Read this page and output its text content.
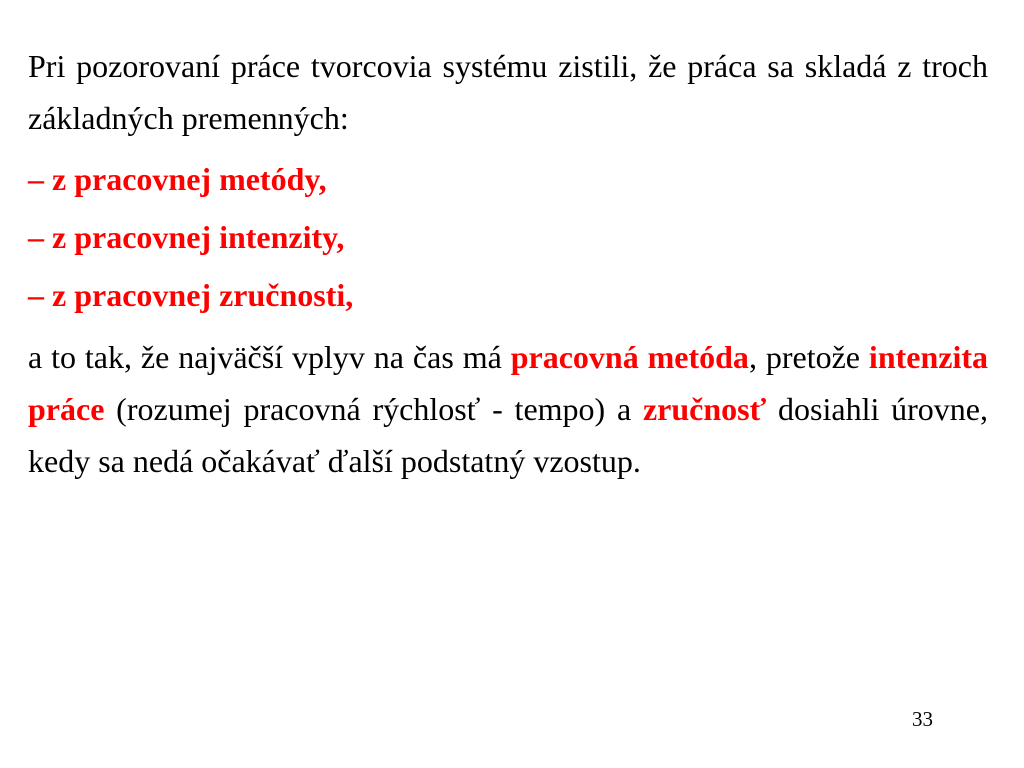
Pri pozorovaní práce tvorcovia systému zistili, že práca sa skladá z troch základných premenných:

– z pracovnej metódy,

– z pracovnej intenzity,

– z pracovnej zručnosti,

a to tak, že najväčší vplyv na čas má pracovná metóda, pretože intenzita práce (rozumej pracovná rýchlosť - tempo) a zručnosť dosiahli úrovne, kedy sa nedá očakávať ďalší podstatný vzostup.

33
